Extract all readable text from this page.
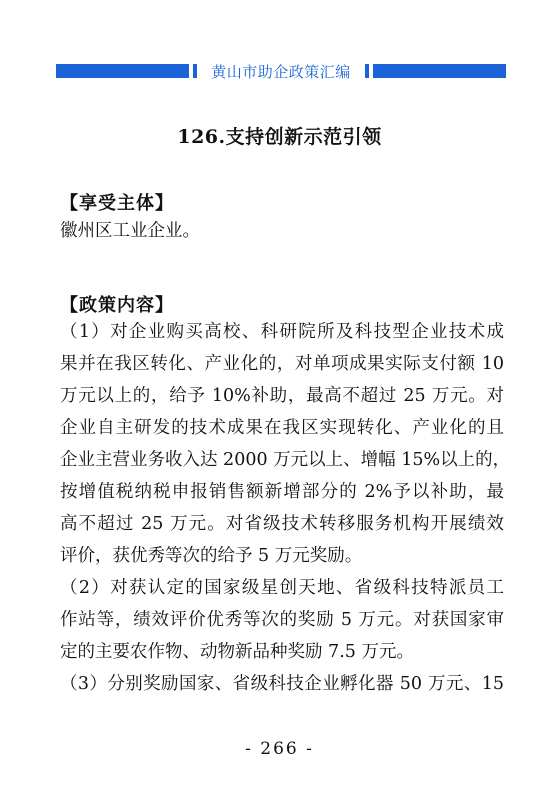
黄山市助企政策汇编
126.支持创新示范引领
【享受主体】
徽州区工业企业。
【政策内容】
（1）对企业购买高校、科研院所及科技型企业技术成
果并在我区转化、产业化的，对单项成果实际支付额 10
万元以上的，给予 10%补助，最高不超过 25 万元。对
企业自主研发的技术成果在我区实现转化、产业化的且
企业主营业务收入达 2000 万元以上、增幅 15%以上的，
按增值税纳税申报销售额新增部分的 2%予以补助，最
高不超过 25 万元。对省级技术转移服务机构开展绩效
评价，获优秀等次的给予 5 万元奖励。
（2）对获认定的国家级星创天地、省级科技特派员工
作站等，绩效评价优秀等次的奖励 5 万元。对获国家审
定的主要农作物、动物新品种奖励 7.5 万元。
（3）分别奖励国家、省级科技企业孵化器 50 万元、15
- 266 -
